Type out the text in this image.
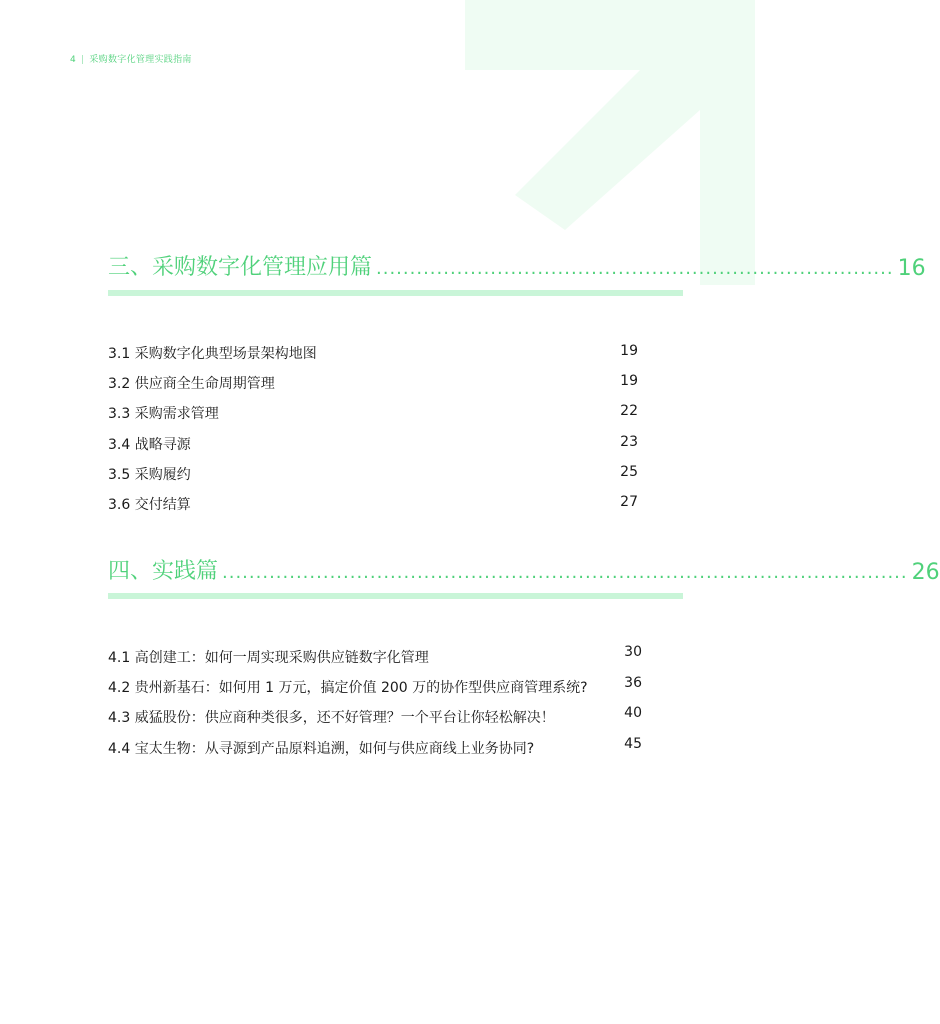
4 | 采购数字化管理实践指南
三、采购数字化管理应用篇 ............................................................................. 16
3.1 采购数字化典型场景架构地图	19
3.2 供应商全生命周期管理	19
3.3 采购需求管理	22
3.4 战略寻源	23
3.5 采购履约	25
3.6 交付结算	27
四、实践篇 ...................................................................................................... 26
4.1 高创建工：如何一周实现采购供应链数字化管理	30
4.2 贵州新基石：如何用 1 万元，搞定价值 200 万的协作型供应商管理系统?	36
4.3 威猛股份：供应商种类很多，还不好管理？一个平台让你轻松解决！	40
4.4 宝太生物：从寻源到产品原料追溯，如何与供应商线上业务协同?	45
